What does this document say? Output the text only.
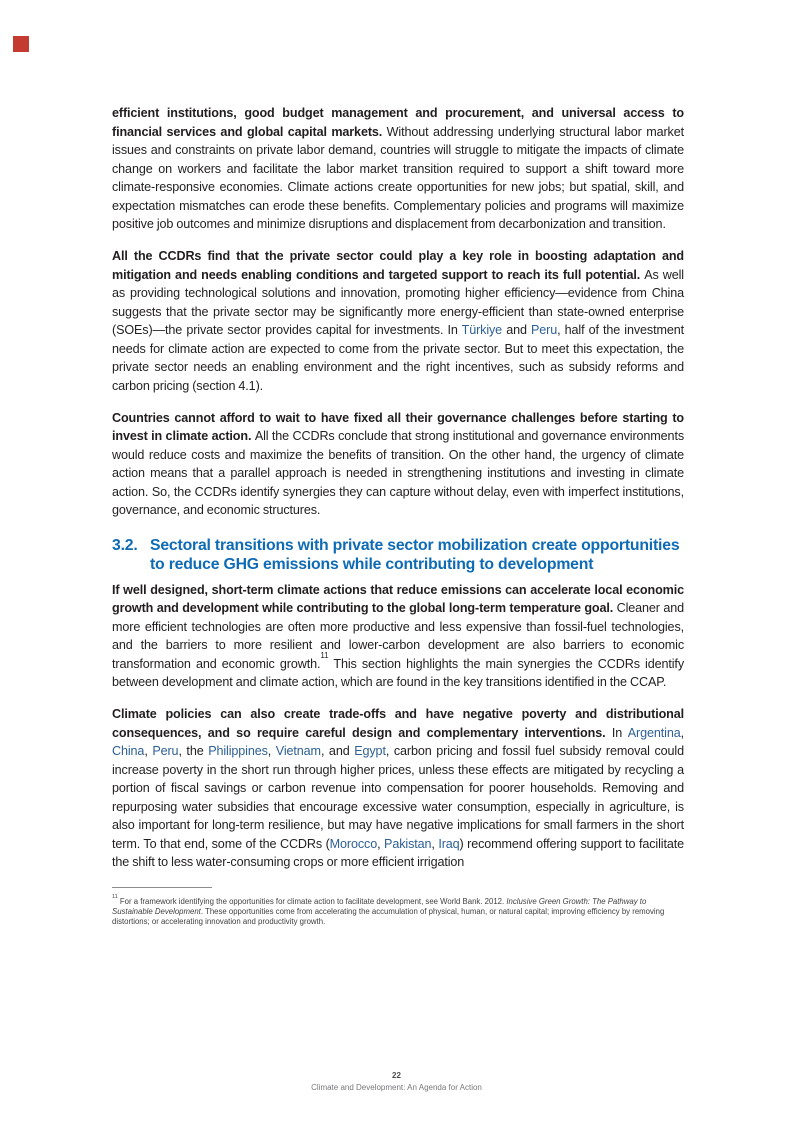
efficient institutions, good budget management and procurement, and universal access to financial services and global capital markets. Without addressing underlying structural labor market issues and constraints on private labor demand, countries will struggle to mitigate the impacts of climate change on workers and facilitate the labor market transition required to support a shift toward more climate-responsive economies. Climate actions create opportunities for new jobs; but spatial, skill, and expectation mismatches can erode these benefits. Complementary policies and programs will maximize positive job outcomes and minimize disruptions and displacement from decarbonization and transition.

All the CCDRs find that the private sector could play a key role in boosting adaptation and mitigation and needs enabling conditions and targeted support to reach its full potential. As well as providing technological solutions and innovation, promoting higher efficiency—evidence from China suggests that the private sector may be significantly more energy-efficient than state-owned enterprise (SOEs)—the private sector provides capital for investments. In Türkiye and Peru, half of the investment needs for climate action are expected to come from the private sector. But to meet this expectation, the private sector needs an enabling environment and the right incentives, such as subsidy reforms and carbon pricing (section 4.1).

Countries cannot afford to wait to have fixed all their governance challenges before starting to invest in climate action. All the CCDRs conclude that strong institutional and governance environments would reduce costs and maximize the benefits of transition. On the other hand, the urgency of climate action means that a parallel approach is needed in strengthening institutions and investing in climate action. So, the CCDRs identify synergies they can capture without delay, even with imperfect institutions, governance, and economic structures.

3.2. Sectoral transitions with private sector mobilization create opportunities to reduce GHG emissions while contributing to development

If well designed, short-term climate actions that reduce emissions can accelerate local economic growth and development while contributing to the global long-term temperature goal. Cleaner and more efficient technologies are often more productive and less expensive than fossil-fuel technologies, and the barriers to more resilient and lower-carbon development are also barriers to economic transformation and economic growth.$^{11}$ This section highlights the main synergies the CCDRs identify between development and climate action, which are found in the key transitions identified in the CCAP.

Climate policies can also create trade-offs and have negative poverty and distributional consequences, and so require careful design and complementary interventions. In Argentina, China, Peru, the Philippines, Vietnam, and Egypt, carbon pricing and fossil fuel subsidy removal could increase poverty in the short run through higher prices, unless these effects are mitigated by recycling a portion of fiscal savings or carbon revenue into compensation for poorer households. Removing and repurposing water subsidies that encourage excessive water consumption, especially in agriculture, is also important for long-term resilience, but may have negative implications for small farmers in the short term. To that end, some of the CCDRs (Morocco, Pakistan, Iraq) recommend offering support to facilitate the shift to less water-consuming crops or more efficient irrigation

$^{11}$ For a framework identifying the opportunities for climate action to facilitate development, see World Bank. 2012. Inclusive Green Growth: The Pathway to Sustainable Development. These opportunities come from accelerating the accumulation of physical, human, or natural capital; improving efficiency by removing distortions; or accelerating innovation and productivity growth.

22
Climate and Development: An Agenda for Action
